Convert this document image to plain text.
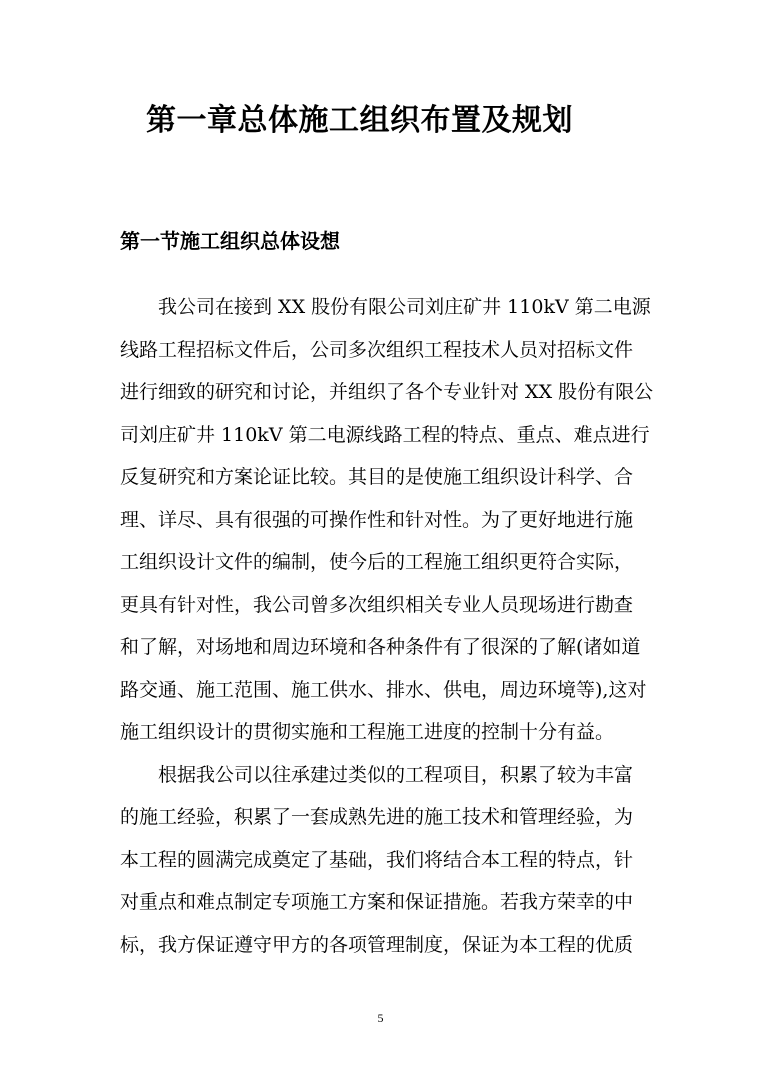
第一章总体施工组织布置及规划
第一节施工组织总体设想

　　我公司在接到 XX 股份有限公司刘庄矿井 110kV 第二电源

线路工程招标文件后，公司多次组织工程技术人员对招标文件

进行细致的研究和讨论，并组织了各个专业针对 XX 股份有限公

司刘庄矿井 110kV 第二电源线路工程的特点、重点、难点进行

反复研究和方案论证比较。其目的是使施工组织设计科学、合

理、详尽、具有很强的可操作性和针对性。为了更好地进行施

工组织设计文件的编制，使今后的工程施工组织更符合实际，

更具有针对性，我公司曾多次组织相关专业人员现场进行勘查

和了解，对场地和周边环境和各种条件有了很深的了解(诸如道

路交通、施工范围、施工供水、排水、供电，周边环境等),这对

施工组织设计的贯彻实施和工程施工进度的控制十分有益。

　　根据我公司以往承建过类似的工程项目，积累了较为丰富

的施工经验，积累了一套成熟先进的施工技术和管理经验，为

本工程的圆满完成奠定了基础，我们将结合本工程的特点，针

对重点和难点制定专项施工方案和保证措施。若我方荣幸的中

标，我方保证遵守甲方的各项管理制度，保证为本工程的优质

5
